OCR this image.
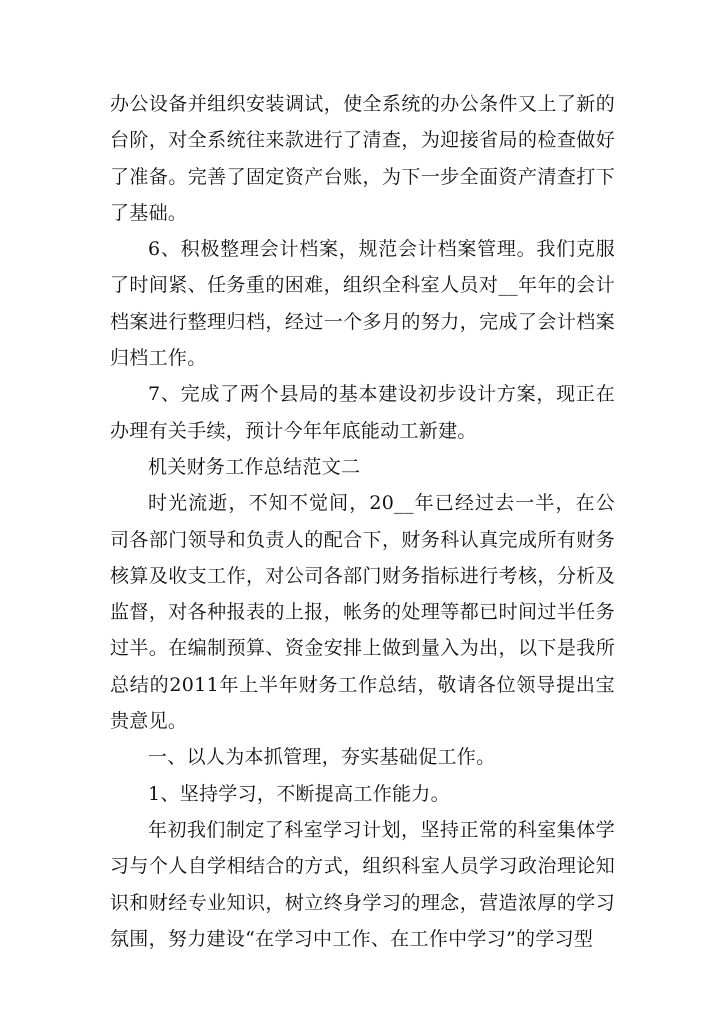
办公设备并组织安装调试，使全系统的办公条件又上了新的台阶，对全系统往来款进行了清查，为迎接省局的检查做好了准备。完善了固定资产台账，为下一步全面资产清查打下了基础。

6、积极整理会计档案，规范会计档案管理。我们克服了时间紧、任务重的困难，组织全科室人员对__年年的会计档案进行整理归档，经过一个多月的努力，完成了会计档案归档工作。

7、完成了两个县局的基本建设初步设计方案，现正在办理有关手续，预计今年年底能动工新建。

机关财务工作总结范文二

时光流逝，不知不觉间，20__年已经过去一半，在公司各部门领导和负责人的配合下，财务科认真完成所有财务核算及收支工作，对公司各部门财务指标进行考核，分析及监督，对各种报表的上报，帐务的处理等都已时间过半任务过半。在编制预算、资金安排上做到量入为出，以下是我所总结的2011年上半年财务工作总结，敬请各位领导提出宝贵意见。

一、以人为本抓管理，夯实基础促工作。

1、坚持学习，不断提高工作能力。

年初我们制定了科室学习计划，坚持正常的科室集体学习与个人自学相结合的方式，组织科室人员学习政治理论知识和财经专业知识，树立终身学习的理念，营造浓厚的学习氛围，努力建设“在学习中工作、在工作中学习”的学习型
